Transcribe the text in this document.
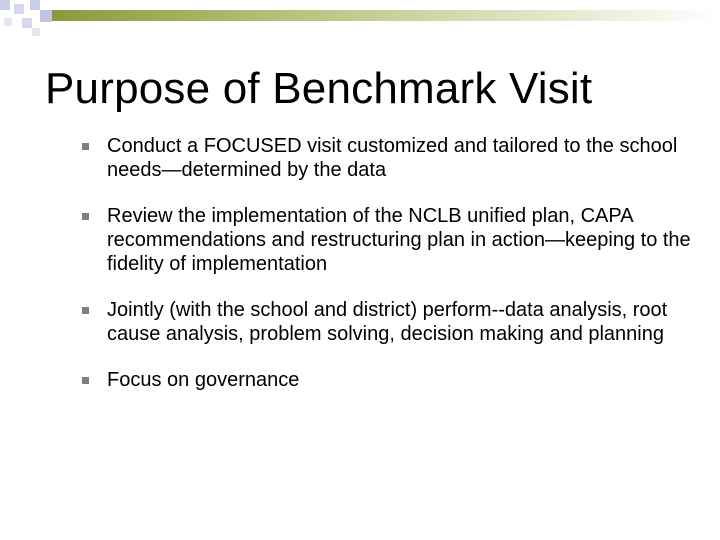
Purpose of Benchmark Visit
Conduct a FOCUSED visit customized and tailored to the school needs—determined by the data
Review the implementation of the NCLB unified plan, CAPA recommendations and restructuring plan in action—keeping to the fidelity of implementation
Jointly (with the school and district) perform--data analysis, root cause analysis, problem solving, decision making and planning
Focus on governance
